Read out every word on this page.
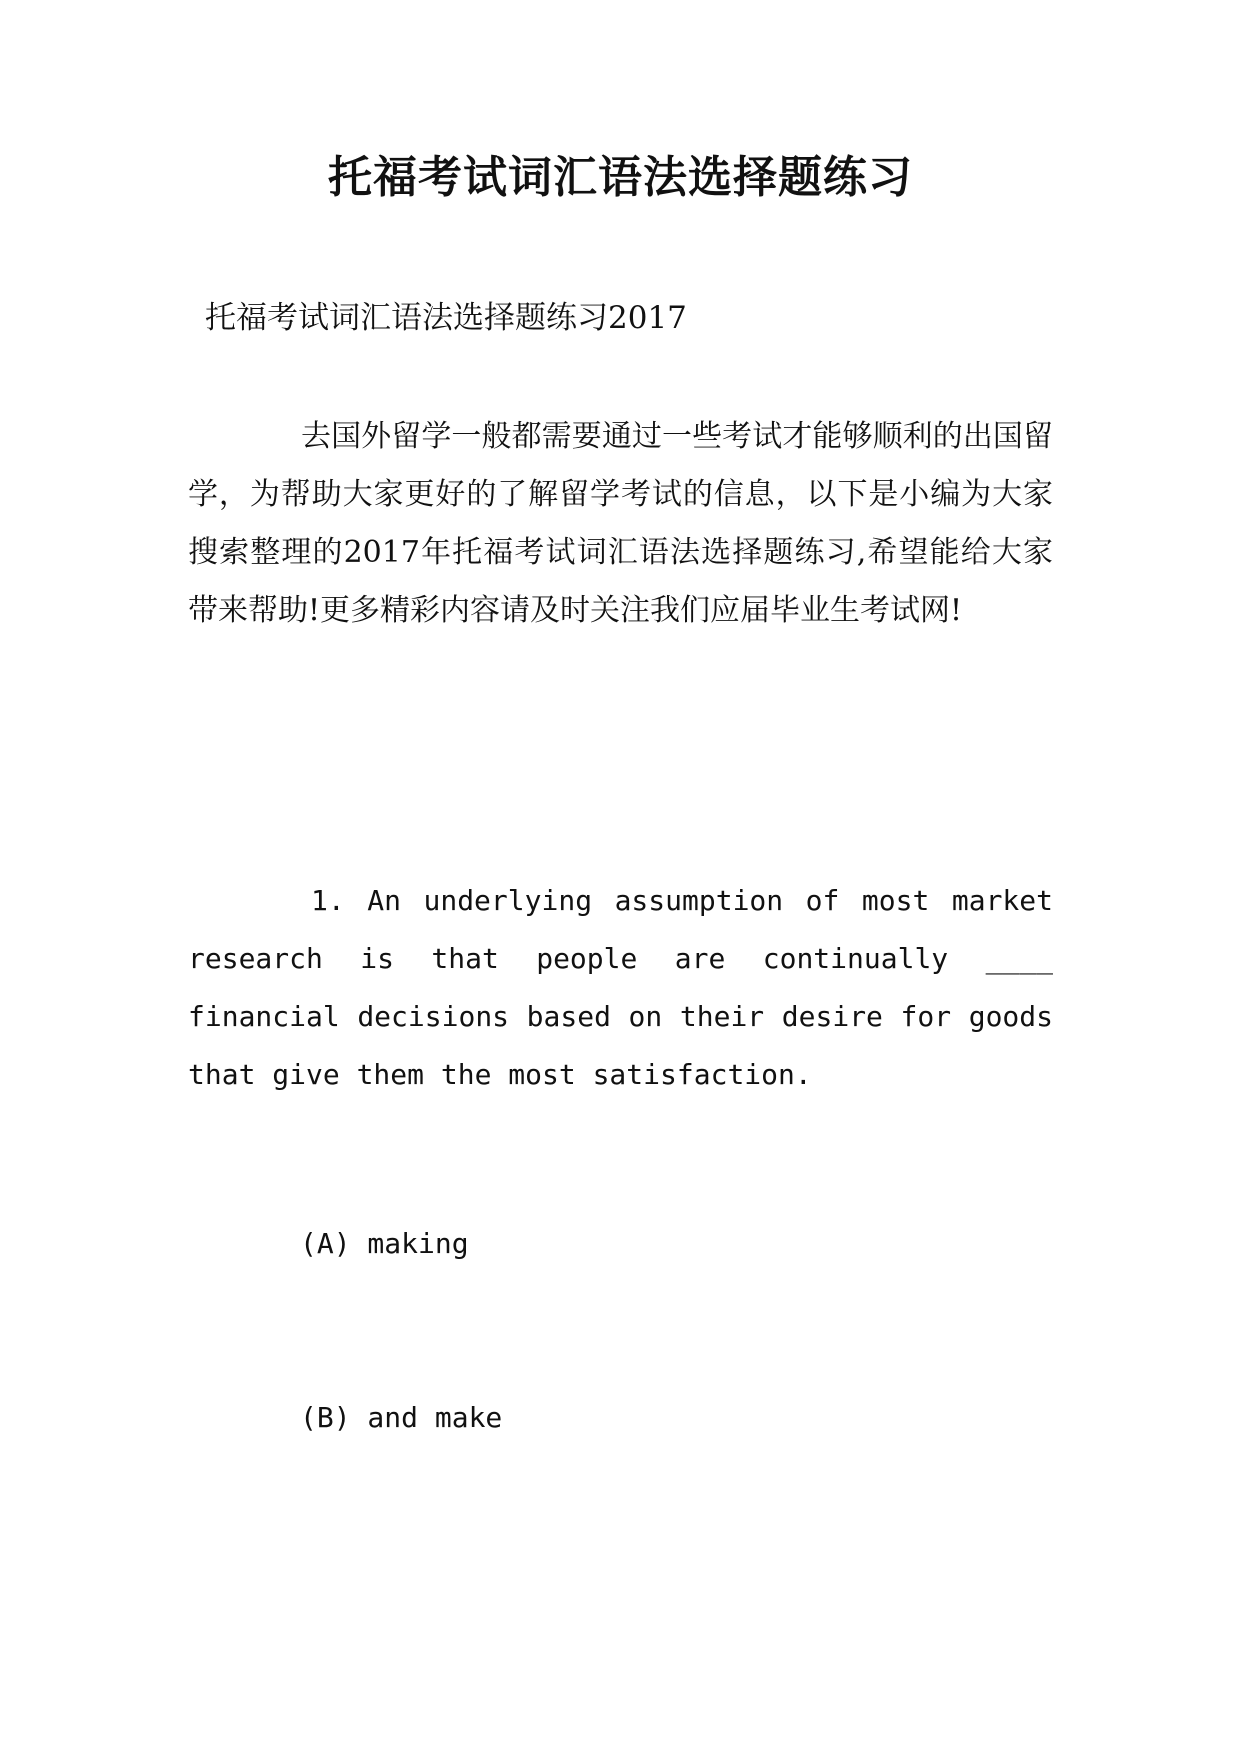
托福考试词汇语法选择题练习

托福考试词汇语法选择题练习2017

去国外留学一般都需要通过一些考试才能够顺利的出国留学，为帮助大家更好的了解留学考试的信息，以下是小编为大家搜索整理的2017年托福考试词汇语法选择题练习,希望能给大家带来帮助!更多精彩内容请及时关注我们应届毕业生考试网!

1. An underlying assumption of most market research is that people are continually ____ financial decisions based on their desire for goods that give them the most satisfaction.

(A) making

(B) and make
